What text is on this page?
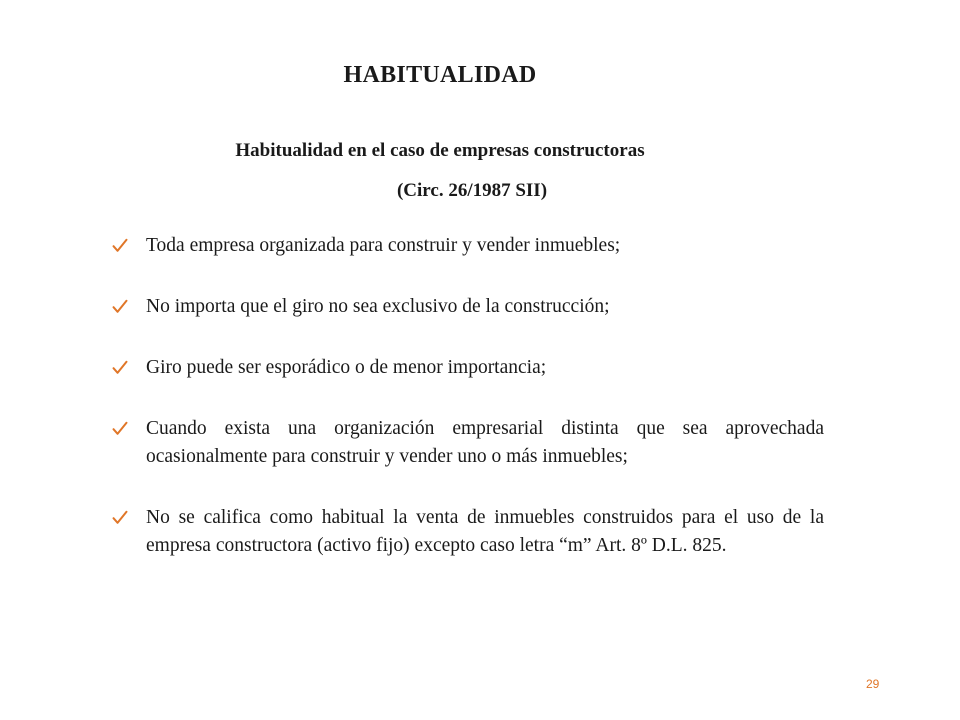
HABITUALIDAD
Habitualidad en el caso de empresas constructoras
(Circ. 26/1987 SII)
Toda empresa organizada para construir y vender inmuebles;
No importa que el giro no sea exclusivo de la construcción;
Giro puede ser esporádico o de menor importancia;
Cuando exista una organización empresarial distinta que sea aprovechada ocasionalmente para construir y vender uno o más inmuebles;
No se califica como habitual la venta de inmuebles construidos para el uso de la empresa constructora (activo fijo) excepto caso letra “m” Art. 8º D.L. 825.
29
